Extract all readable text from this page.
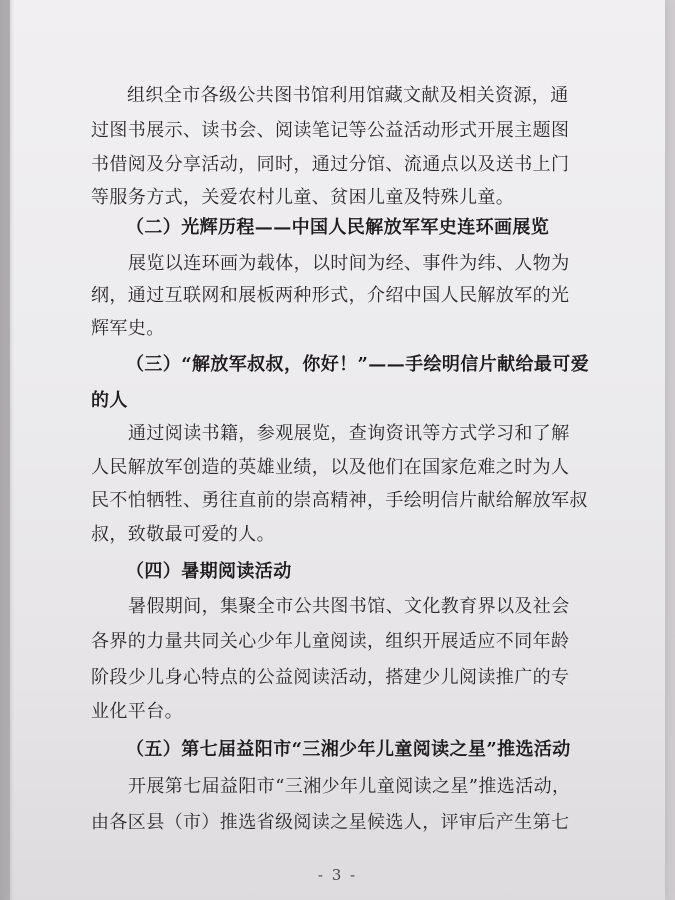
组织全市各级公共图书馆利用馆藏文献及相关资源，通
过图书展示、读书会、阅读笔记等公益活动形式开展主题图
书借阅及分享活动，同时，通过分馆、流通点以及送书上门
等服务方式，关爱农村儿童、贫困儿童及特殊儿童。
（二）光辉历程——中国人民解放军军史连环画展览
展览以连环画为载体，以时间为经、事件为纬、人物为
纲，通过互联网和展板两种形式，介绍中国人民解放军的光
辉军史。
（三）“解放军叔叔，你好！”——手绘明信片献给最可爱
的人
通过阅读书籍，参观展览，查询资讯等方式学习和了解
人民解放军创造的英雄业绩，以及他们在国家危难之时为人
民不怕牺牲、勇往直前的崇高精神，手绘明信片献给解放军叔
叔，致敬最可爱的人。
（四）暑期阅读活动
暑假期间，集聚全市公共图书馆、文化教育界以及社会
各界的力量共同关心少年儿童阅读，组织开展适应不同年龄
阶段少儿身心特点的公益阅读活动，搭建少儿阅读推广的专
业化平台。
（五）第七届益阳市“三湘少年儿童阅读之星”推选活动
开展第七届益阳市“三湘少年儿童阅读之星”推选活动，
由各区县（市）推选省级阅读之星候选人，评审后产生第七
- 3 -
